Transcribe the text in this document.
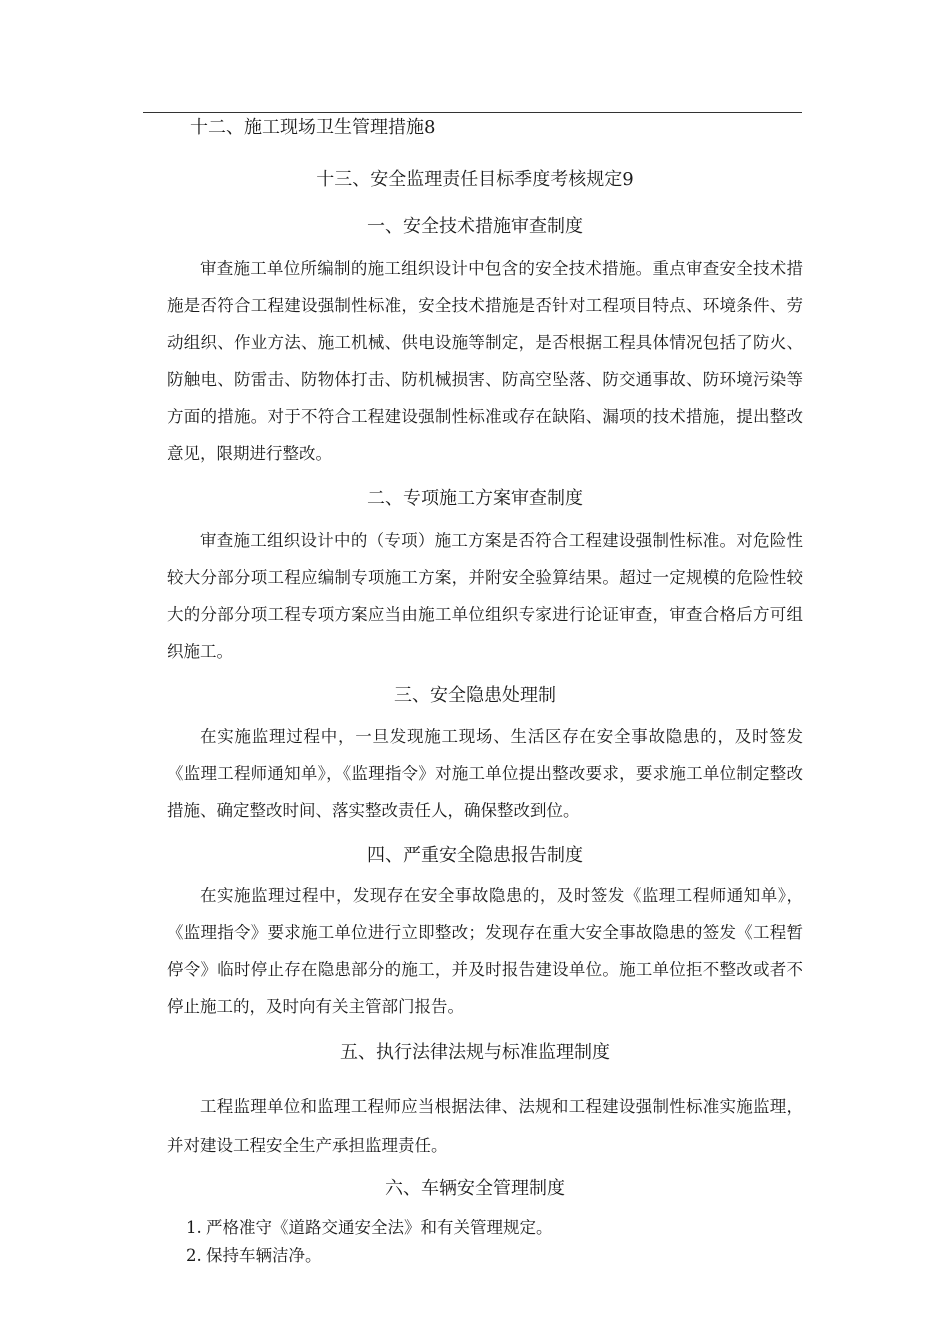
十二、施工现场卫生管理措施8
十三、安全监理责任目标季度考核规定9
一、安全技术措施审查制度
审查施工单位所编制的施工组织设计中包含的安全技术措施。重点审查安全技术措施是否符合工程建设强制性标准，安全技术措施是否针对工程项目特点、环境条件、劳动组织、作业方法、施工机械、供电设施等制定，是否根据工程具体情况包括了防火、防触电、防雷击、防物体打击、防机械损害、防高空坠落、防交通事故、防环境污染等方面的措施。对于不符合工程建设强制性标准或存在缺陷、漏项的技术措施，提出整改意见，限期进行整改。
二、专项施工方案审查制度
审查施工组织设计中的（专项）施工方案是否符合工程建设强制性标准。对危险性较大分部分项工程应编制专项施工方案，并附安全验算结果。超过一定规模的危险性较大的分部分项工程专项方案应当由施工单位组织专家进行论证审查，审查合格后方可组织施工。
三、安全隐患处理制
在实施监理过程中，一旦发现施工现场、生活区存在安全事故隐患的，及时签发《监理工程师通知单》，《监理指令》对施工单位提出整改要求，要求施工单位制定整改措施、确定整改时间、落实整改责任人，确保整改到位。
四、严重安全隐患报告制度
在实施监理过程中，发现存在安全事故隐患的，及时签发《监理工程师通知单》，《监理指令》要求施工单位进行立即整改；发现存在重大安全事故隐患的签发《工程暂停令》临时停止存在隐患部分的施工，并及时报告建设单位。施工单位拒不整改或者不停止施工的，及时向有关主管部门报告。
五、执行法律法规与标准监理制度
工程监理单位和监理工程师应当根据法律、法规和工程建设强制性标准实施监理，并对建设工程安全生产承担监理责任。
六、车辆安全管理制度
1. 严格准守《道路交通安全法》和有关管理规定。
2. 保持车辆洁净。
